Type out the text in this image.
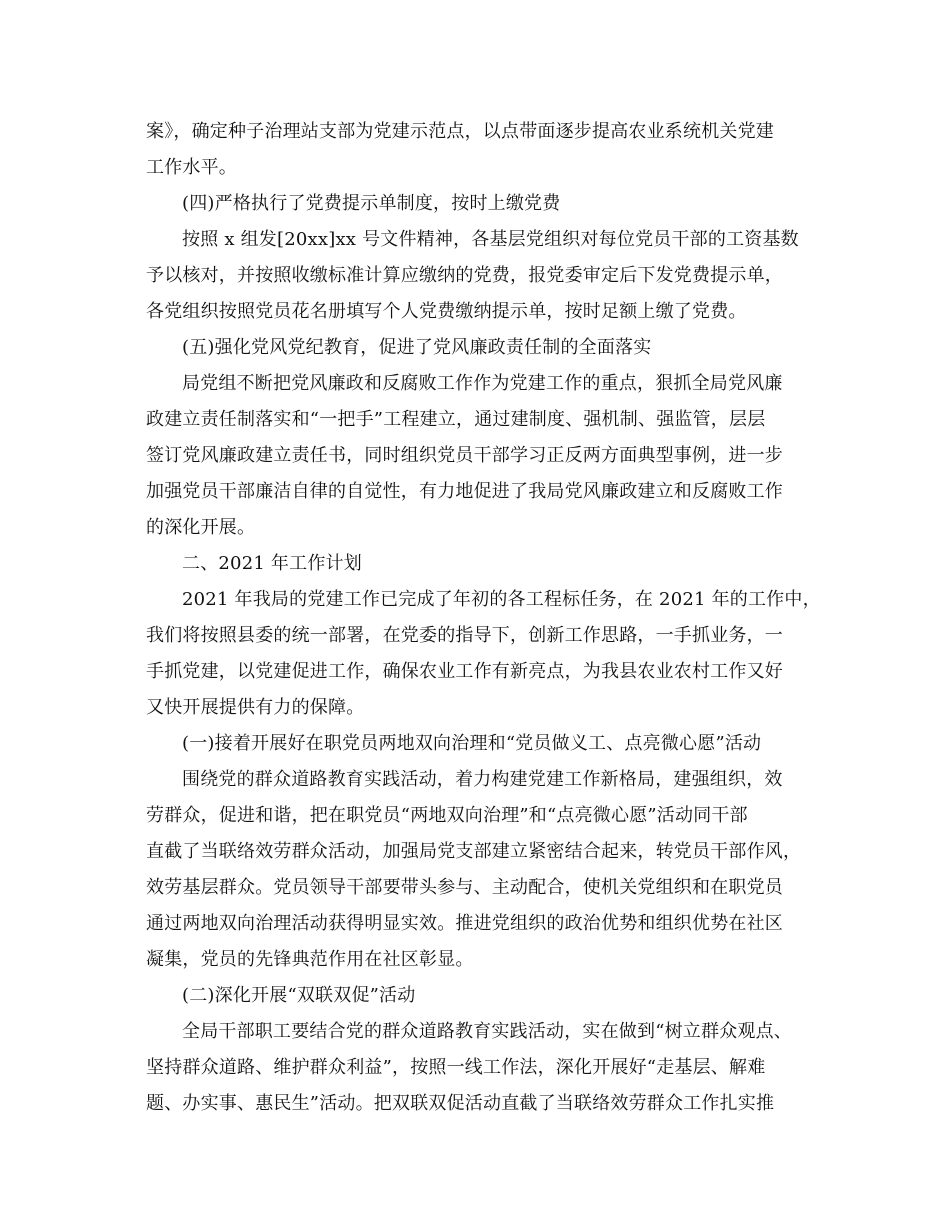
案》，确定种子治理站支部为党建示范点，以点带面逐步提高农业系统机关党建
工作水平。
(四)严格执行了党费提示单制度，按时上缴党费
按照 x 组发[20xx]xx 号文件精神，各基层党组织对每位党员干部的工资基数
予以核对，并按照收缴标准计算应缴纳的党费，报党委审定后下发党费提示单，
各党组织按照党员花名册填写个人党费缴纳提示单，按时足额上缴了党费。
(五)强化党风党纪教育，促进了党风廉政责任制的全面落实
局党组不断把党风廉政和反腐败工作作为党建工作的重点，狠抓全局党风廉
政建立责任制落实和“一把手”工程建立，通过建制度、强机制、强监管，层层
签订党风廉政建立责任书，同时组织党员干部学习正反两方面典型事例，进一步
加强党员干部廉洁自律的自觉性，有力地促进了我局党风廉政建立和反腐败工作
的深化开展。
二、2021 年工作计划
2021 年我局的党建工作已完成了年初的各工程标任务，在 2021 年的工作中，
我们将按照县委的统一部署，在党委的指导下，创新工作思路，一手抓业务，一
手抓党建，以党建促进工作，确保农业工作有新亮点，为我县农业农村工作又好
又快开展提供有力的保障。
(一)接着开展好在职党员两地双向治理和“党员做义工、点亮微心愿”活动
围绕党的群众道路教育实践活动，着力构建党建工作新格局，建强组织，效
劳群众，促进和谐，把在职党员“两地双向治理”和“点亮微心愿”活动同干部
直截了当联络效劳群众活动，加强局党支部建立紧密结合起来，转党员干部作风，
效劳基层群众。党员领导干部要带头参与、主动配合，使机关党组织和在职党员
通过两地双向治理活动获得明显实效。推进党组织的政治优势和组织优势在社区
凝集，党员的先锋典范作用在社区彰显。
(二)深化开展“双联双促”活动
全局干部职工要结合党的群众道路教育实践活动，实在做到“树立群众观点、
坚持群众道路、维护群众利益”，按照一线工作法，深化开展好“走基层、解难
题、办实事、惠民生”活动。把双联双促活动直截了当联络效劳群众工作扎实推
